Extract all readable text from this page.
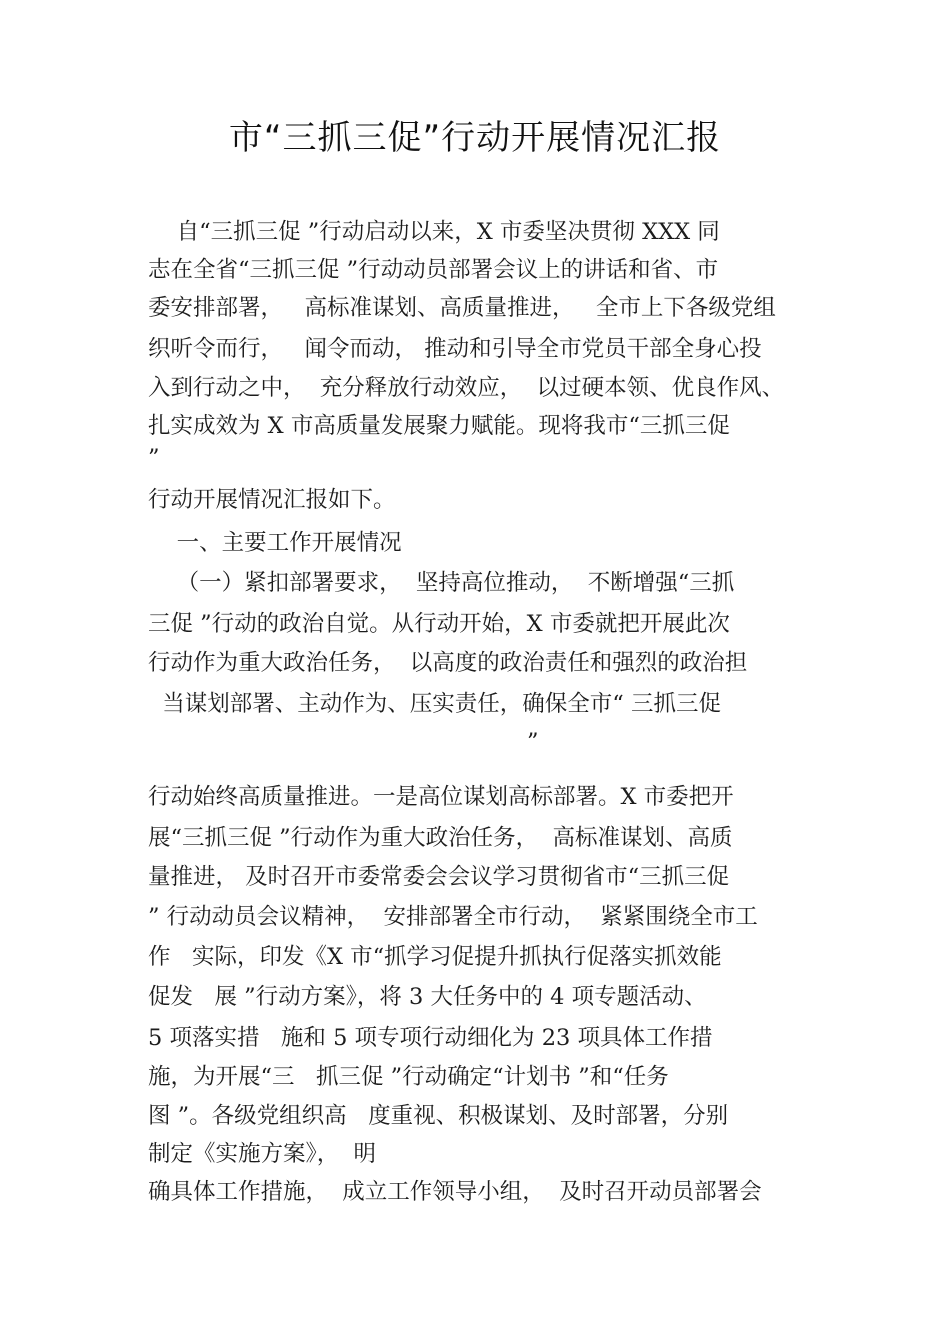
市“三抓三促”行动开展情况汇报
自“三抓三促 ”行动启动以来，X 市委坚决贯彻 XXX 同
志在全省“三抓三促 ”行动动员部署会议上的讲话和省、市
委安排部署，   高标准谋划、高质量推进，   全市上下各级党组
织听令而行，   闻令而动， 推动和引导全市党员干部全身心投
入到行动之中，  充分释放行动效应，  以过硬本领、优良作风、
扎实成效为 X 市高质量发展聚力赋能。现将我市“三抓三促
”
行动开展情况汇报如下。
一、主要工作开展情况
（一）紧扣部署要求，  坚持高位推动，  不断增强“三抓
三促 ”行动的政治自觉。从行动开始，X 市委就把开展此次
行动作为重大政治任务，  以高度的政治责任和强烈的政治担
当谋划部署、主动作为、压实责任，确保全市“ 三抓三促
”
行动始终高质量推进。一是高位谋划高标部署。X 市委把开
展“三抓三促 ”行动作为重大政治任务，  高标准谋划、高质
量推进， 及时召开市委常委会会议学习贯彻省市“三抓三促
” 行动动员会议精神，  安排部署全市行动，  紧紧围绕全市工
作   实际，印发《X 市“抓学习促提升抓执行促落实抓效能
促发   展 ”行动方案》，将 3 大任务中的 4 项专题活动、
5 项落实措   施和 5 项专项行动细化为 23 项具体工作措
施，为开展“三   抓三促 ”行动确定“计划书 ”和“任务
图 ”。各级党组织高   度重视、积极谋划、及时部署，分别
制定《实施方案》，  明
确具体工作措施，  成立工作领导小组，  及时召开动员部署会
